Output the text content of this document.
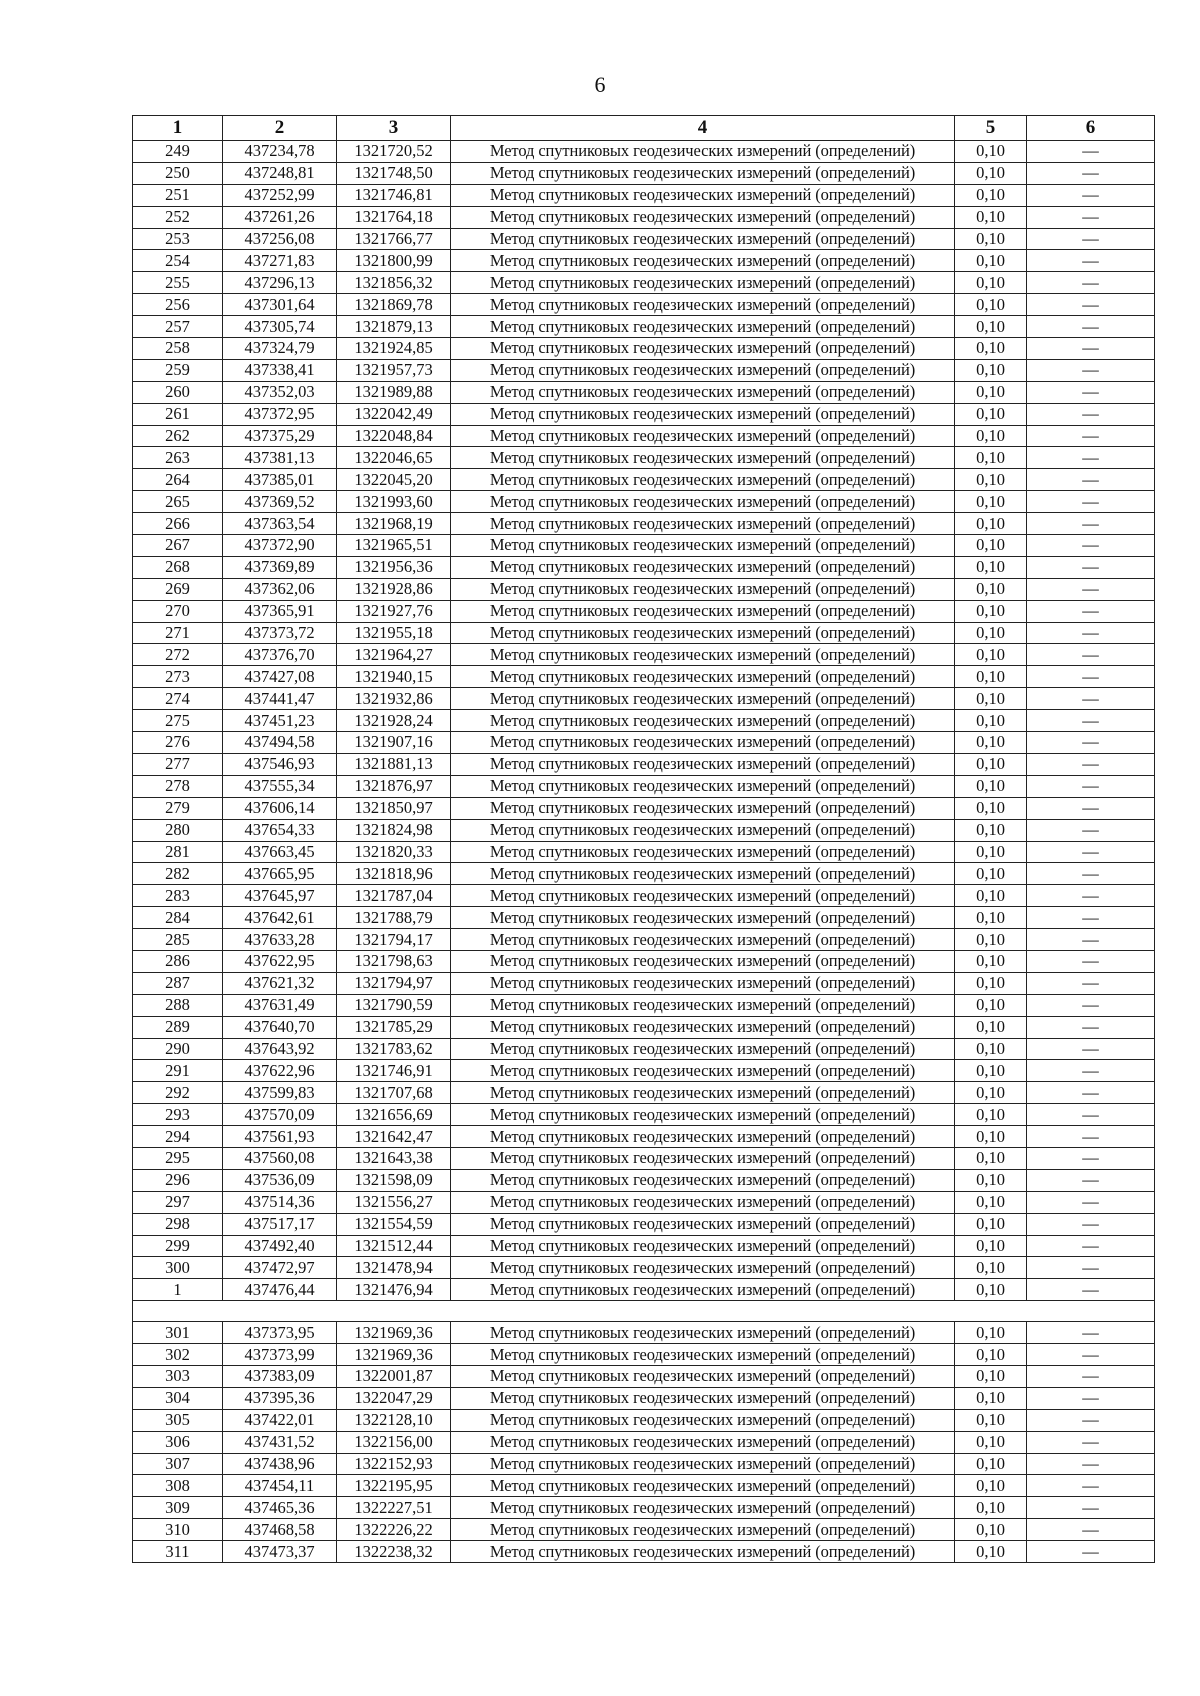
6
1	2	3	4	5	6
249	437234,78	1321720,52	Метод спутниковых геодезических измерений (определений)	0,10	—
250	437248,81	1321748,50	Метод спутниковых геодезических измерений (определений)	0,10	—
251	437252,99	1321746,81	Метод спутниковых геодезических измерений (определений)	0,10	—
252	437261,26	1321764,18	Метод спутниковых геодезических измерений (определений)	0,10	—
253	437256,08	1321766,77	Метод спутниковых геодезических измерений (определений)	0,10	—
254	437271,83	1321800,99	Метод спутниковых геодезических измерений (определений)	0,10	—
255	437296,13	1321856,32	Метод спутниковых геодезических измерений (определений)	0,10	—
256	437301,64	1321869,78	Метод спутниковых геодезических измерений (определений)	0,10	—
257	437305,74	1321879,13	Метод спутниковых геодезических измерений (определений)	0,10	—
258	437324,79	1321924,85	Метод спутниковых геодезических измерений (определений)	0,10	—
259	437338,41	1321957,73	Метод спутниковых геодезических измерений (определений)	0,10	—
260	437352,03	1321989,88	Метод спутниковых геодезических измерений (определений)	0,10	—
261	437372,95	1322042,49	Метод спутниковых геодезических измерений (определений)	0,10	—
262	437375,29	1322048,84	Метод спутниковых геодезических измерений (определений)	0,10	—
263	437381,13	1322046,65	Метод спутниковых геодезических измерений (определений)	0,10	—
264	437385,01	1322045,20	Метод спутниковых геодезических измерений (определений)	0,10	—
265	437369,52	1321993,60	Метод спутниковых геодезических измерений (определений)	0,10	—
266	437363,54	1321968,19	Метод спутниковых геодезических измерений (определений)	0,10	—
267	437372,90	1321965,51	Метод спутниковых геодезических измерений (определений)	0,10	—
268	437369,89	1321956,36	Метод спутниковых геодезических измерений (определений)	0,10	—
269	437362,06	1321928,86	Метод спутниковых геодезических измерений (определений)	0,10	—
270	437365,91	1321927,76	Метод спутниковых геодезических измерений (определений)	0,10	—
271	437373,72	1321955,18	Метод спутниковых геодезических измерений (определений)	0,10	—
272	437376,70	1321964,27	Метод спутниковых геодезических измерений (определений)	0,10	—
273	437427,08	1321940,15	Метод спутниковых геодезических измерений (определений)	0,10	—
274	437441,47	1321932,86	Метод спутниковых геодезических измерений (определений)	0,10	—
275	437451,23	1321928,24	Метод спутниковых геодезических измерений (определений)	0,10	—
276	437494,58	1321907,16	Метод спутниковых геодезических измерений (определений)	0,10	—
277	437546,93	1321881,13	Метод спутниковых геодезических измерений (определений)	0,10	—
278	437555,34	1321876,97	Метод спутниковых геодезических измерений (определений)	0,10	—
279	437606,14	1321850,97	Метод спутниковых геодезических измерений (определений)	0,10	—
280	437654,33	1321824,98	Метод спутниковых геодезических измерений (определений)	0,10	—
281	437663,45	1321820,33	Метод спутниковых геодезических измерений (определений)	0,10	—
282	437665,95	1321818,96	Метод спутниковых геодезических измерений (определений)	0,10	—
283	437645,97	1321787,04	Метод спутниковых геодезических измерений (определений)	0,10	—
284	437642,61	1321788,79	Метод спутниковых геодезических измерений (определений)	0,10	—
285	437633,28	1321794,17	Метод спутниковых геодезических измерений (определений)	0,10	—
286	437622,95	1321798,63	Метод спутниковых геодезических измерений (определений)	0,10	—
287	437621,32	1321794,97	Метод спутниковых геодезических измерений (определений)	0,10	—
288	437631,49	1321790,59	Метод спутниковых геодезических измерений (определений)	0,10	—
289	437640,70	1321785,29	Метод спутниковых геодезических измерений (определений)	0,10	—
290	437643,92	1321783,62	Метод спутниковых геодезических измерений (определений)	0,10	—
291	437622,96	1321746,91	Метод спутниковых геодезических измерений (определений)	0,10	—
292	437599,83	1321707,68	Метод спутниковых геодезических измерений (определений)	0,10	—
293	437570,09	1321656,69	Метод спутниковых геодезических измерений (определений)	0,10	—
294	437561,93	1321642,47	Метод спутниковых геодезических измерений (определений)	0,10	—
295	437560,08	1321643,38	Метод спутниковых геодезических измерений (определений)	0,10	—
296	437536,09	1321598,09	Метод спутниковых геодезических измерений (определений)	0,10	—
297	437514,36	1321556,27	Метод спутниковых геодезических измерений (определений)	0,10	—
298	437517,17	1321554,59	Метод спутниковых геодезических измерений (определений)	0,10	—
299	437492,40	1321512,44	Метод спутниковых геодезических измерений (определений)	0,10	—
300	437472,97	1321478,94	Метод спутниковых геодезических измерений (определений)	0,10	—
1	437476,44	1321476,94	Метод спутниковых геодезических измерений (определений)	0,10	—

301	437373,95	1321969,36	Метод спутниковых геодезических измерений (определений)	0,10	—
302	437373,99	1321969,36	Метод спутниковых геодезических измерений (определений)	0,10	—
303	437383,09	1322001,87	Метод спутниковых геодезических измерений (определений)	0,10	—
304	437395,36	1322047,29	Метод спутниковых геодезических измерений (определений)	0,10	—
305	437422,01	1322128,10	Метод спутниковых геодезических измерений (определений)	0,10	—
306	437431,52	1322156,00	Метод спутниковых геодезических измерений (определений)	0,10	—
307	437438,96	1322152,93	Метод спутниковых геодезических измерений (определений)	0,10	—
308	437454,11	1322195,95	Метод спутниковых геодезических измерений (определений)	0,10	—
309	437465,36	1322227,51	Метод спутниковых геодезических измерений (определений)	0,10	—
310	437468,58	1322226,22	Метод спутниковых геодезических измерений (определений)	0,10	—
311	437473,37	1322238,32	Метод спутниковых геодезических измерений (определений)	0,10	—
